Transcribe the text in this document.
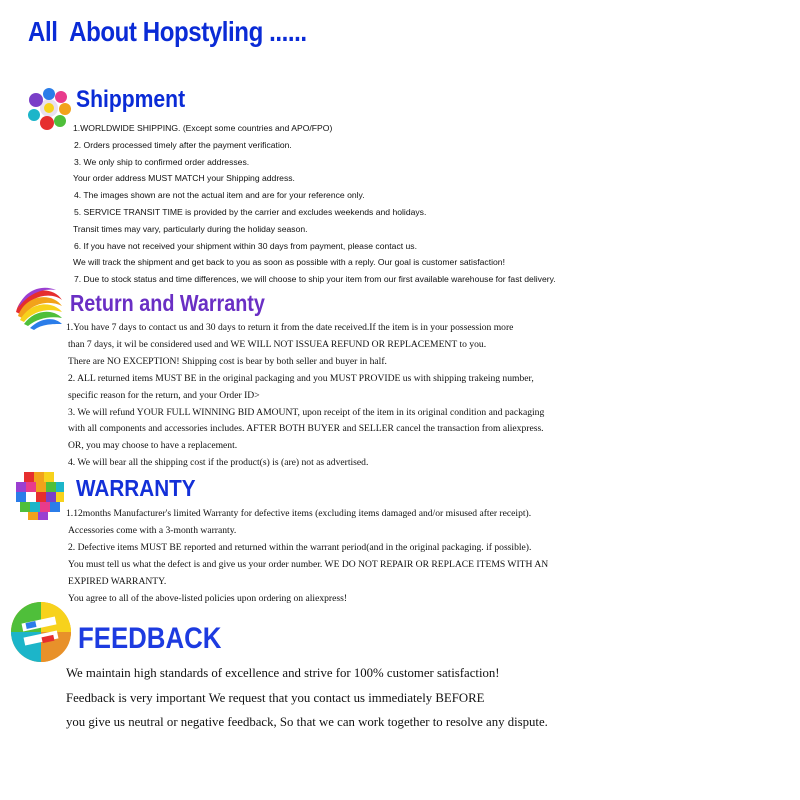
All  About Hopstyling ......
Shippment
1.WORLDWIDE SHIPPING. (Except some countries and APO/FPO)
2. Orders processed timely after the payment verification.
3. We only ship to confirmed order addresses.
Your order address MUST MATCH your Shipping address.
4. The images shown are not the actual item and are for your reference only.
5. SERVICE TRANSIT TIME is provided by the carrier and excludes weekends and holidays.
Transit times may vary, particularly during the holiday season.
6. If you have not received your shipment within 30 days from payment, please contact us.
We will track the shipment and get back to you as soon as possible with a reply. Our goal is customer satisfaction!
7. Due to stock status and time differences, we will choose to ship your item from our first available warehouse for fast delivery.
Return and Warranty
1.You have 7 days to contact us and 30 days to return it from the date received.If the item is in your possession more
than 7 days, it wil be considered used and WE WILL NOT ISSUEA REFUND OR REPLACEMENT to you.
There are NO EXCEPTION! Shipping cost is bear by both seller and buyer in half.
2. ALL returned items MUST BE in the original packaging and you MUST PROVIDE us with shipping trakeing number,
specific reason for the return, and your Order ID>
3. We will refund YOUR FULL WINNING BID AMOUNT, upon receipt of the item in its original condition and packaging
with all components and accessories includes. AFTER BOTH BUYER and SELLER cancel the transaction from aliexpress.
OR, you may choose to have a replacement.
4. We will bear all the shipping cost if the product(s) is (are) not as advertised.
WARRANTY
1.12months Manufacturer's limited Warranty for defective items (excluding items damaged and/or misused after receipt).
Accessories come with a 3-month warranty.
2. Defective items MUST BE reported and returned within the warrant period(and in the original packaging. if possible).
You must tell us what the defect is and give us your order number. WE DO NOT REPAIR OR REPLACE ITEMS WITH AN
EXPIRED WARRANTY.
You agree to all of the above-listed policies upon ordering on aliexpress!
FEEDBACK
We maintain high standards of excellence and strive for 100% customer satisfaction!
Feedback is very important We request that you contact us immediately BEFORE
you give us neutral or negative feedback, So that we can work together to resolve any dispute.
